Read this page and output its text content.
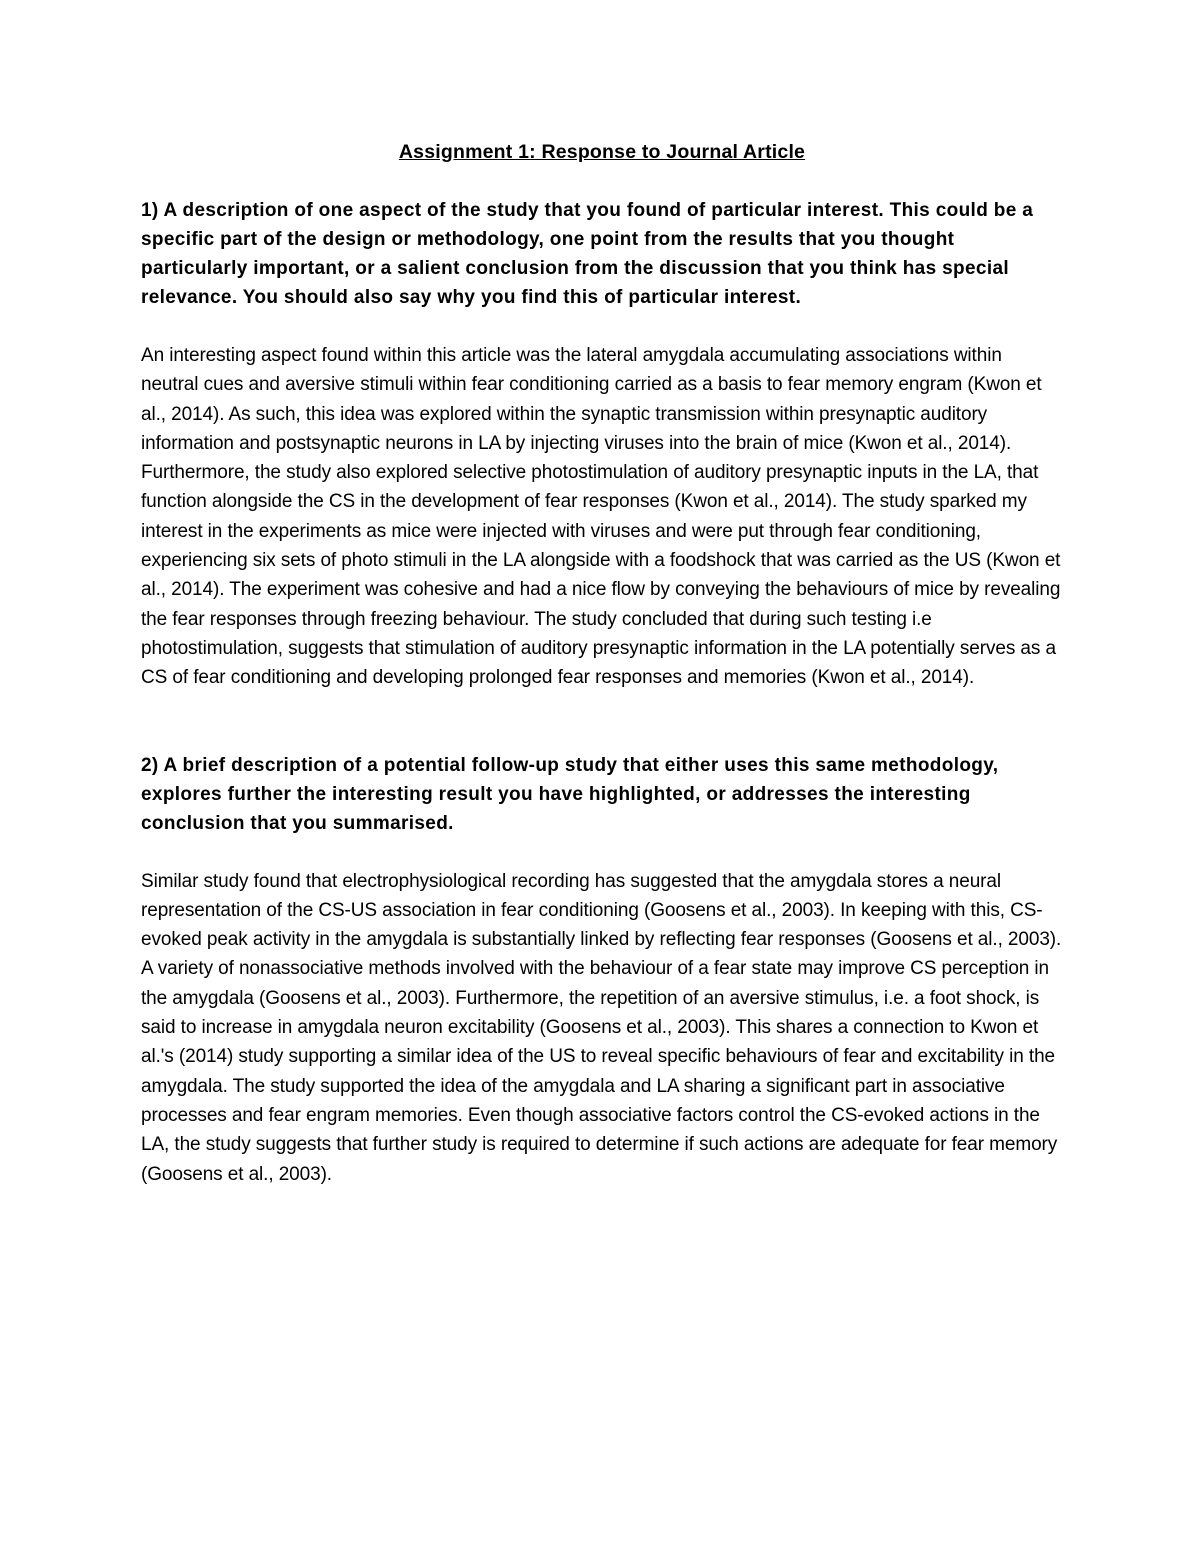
Assignment 1: Response to Journal Article

1) A description of one aspect of the study that you found of particular interest. This could be a specific part of the design or methodology, one point from the results that you thought particularly important, or a salient conclusion from the discussion that you think has special relevance. You should also say why you find this of particular interest.

An interesting aspect found within this article was the lateral amygdala accumulating associations within neutral cues and aversive stimuli within fear conditioning carried as a basis to fear memory engram (Kwon et al., 2014). As such, this idea was explored within the synaptic transmission within presynaptic auditory information and postsynaptic neurons in LA by injecting viruses into the brain of mice (Kwon et al., 2014). Furthermore, the study also explored selective photostimulation of auditory presynaptic inputs in the LA, that function alongside the CS in the development of fear responses (Kwon et al., 2014). The study sparked my interest in the experiments as mice were injected with viruses and were put through fear conditioning, experiencing six sets of photo stimuli in the LA alongside with a foodshock that was carried as the US (Kwon et al., 2014). The experiment was cohesive and had a nice flow by conveying the behaviours of mice by revealing the fear responses through freezing behaviour. The study concluded that during such testing i.e photostimulation, suggests that stimulation of auditory presynaptic information in the LA potentially serves as a CS of fear conditioning and developing prolonged fear responses and memories (Kwon et al., 2014).

2) A brief description of a potential follow-up study that either uses this same methodology, explores further the interesting result you have highlighted, or addresses the interesting conclusion that you summarised.

Similar study found that electrophysiological recording has suggested that the amygdala stores a neural representation of the CS-US association in fear conditioning (Goosens et al., 2003). In keeping with this, CS-evoked peak activity in the amygdala is substantially linked by reflecting fear responses (Goosens et al., 2003). A variety of nonassociative methods involved with the behaviour of a fear state may improve CS perception in the amygdala (Goosens et al., 2003). Furthermore, the repetition of an aversive stimulus, i.e. a foot shock, is said to increase in amygdala neuron excitability (Goosens et al., 2003). This shares a connection to Kwon et al.'s (2014) study supporting a similar idea of the US to reveal specific behaviours of fear and excitability in the amygdala. The study supported the idea of the amygdala and LA sharing a significant part in associative processes and fear engram memories. Even though associative factors control the CS-evoked actions in the LA, the study suggests that further study is required to determine if such actions are adequate for fear memory (Goosens et al., 2003).
